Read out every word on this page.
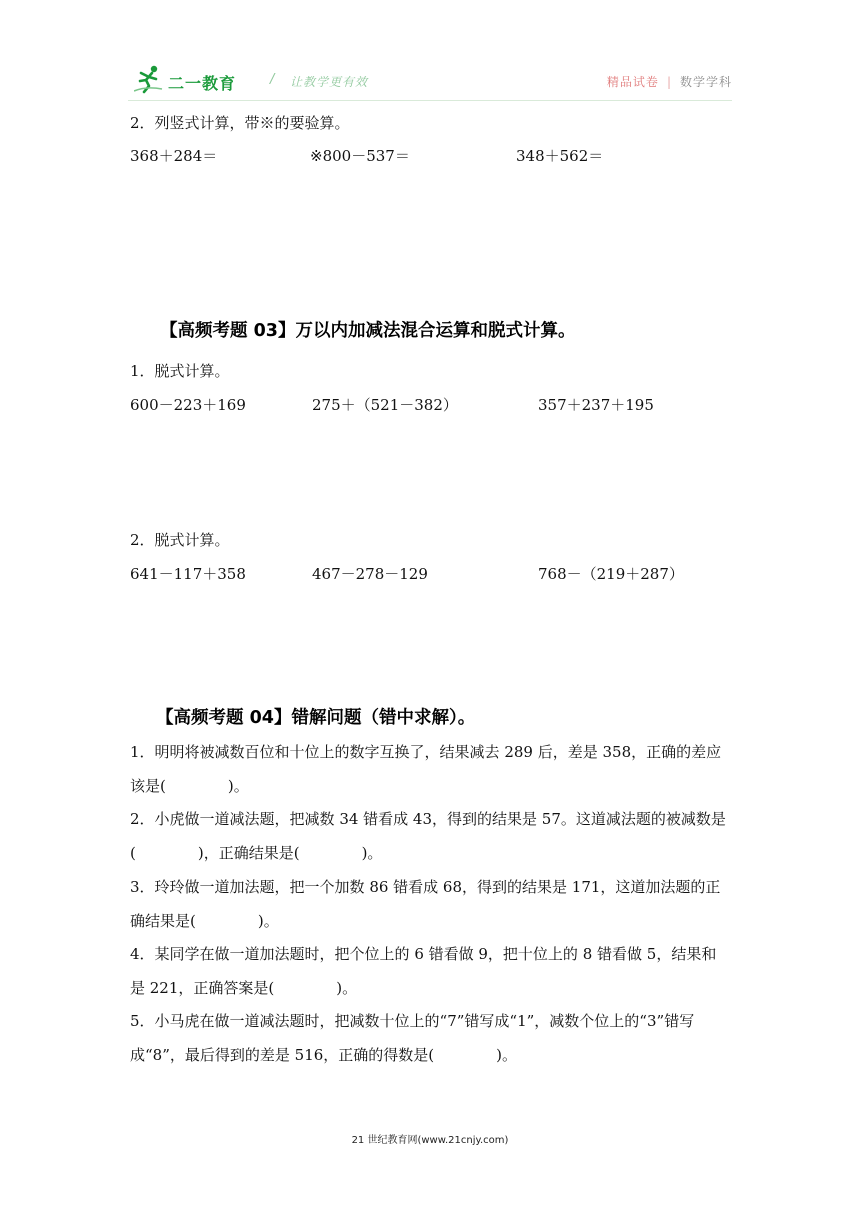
二一教育	/ 让教学更有效	精品试卷 | 数学学科
2．列竖式计算，带※的要验算。
368＋284＝	※800－537＝	348＋562＝
【高频考题 03】万以内加减法混合运算和脱式计算。
1．脱式计算。
600－223＋169	275＋（521－382）	357＋237＋195
2．脱式计算。
641－117＋358	467－278－129	768－（219＋287）
【高频考题 04】错解问题（错中求解）。
1．明明将被减数百位和十位上的数字互换了，结果减去 289 后，差是 358，正确的差应该是(	)。
2．小虎做一道减法题，把减数 34 错看成 43，得到的结果是 57。这道减法题的被减数是(	)，正确结果是(	)。
3．玲玲做一道加法题，把一个加数 86 错看成 68，得到的结果是 171，这道加法题的正确结果是(	)。
4．某同学在做一道加法题时，把个位上的 6 错看做 9，把十位上的 8 错看做 5，结果和是 221，正确答案是(	)。
5．小马虎在做一道减法题时，把减数十位上的“7”错写成“1”，减数个位上的“3”错写成“8”，最后得到的差是 516，正确的得数是(	)。
21 世纪教育网(www.21cnjy.com)
